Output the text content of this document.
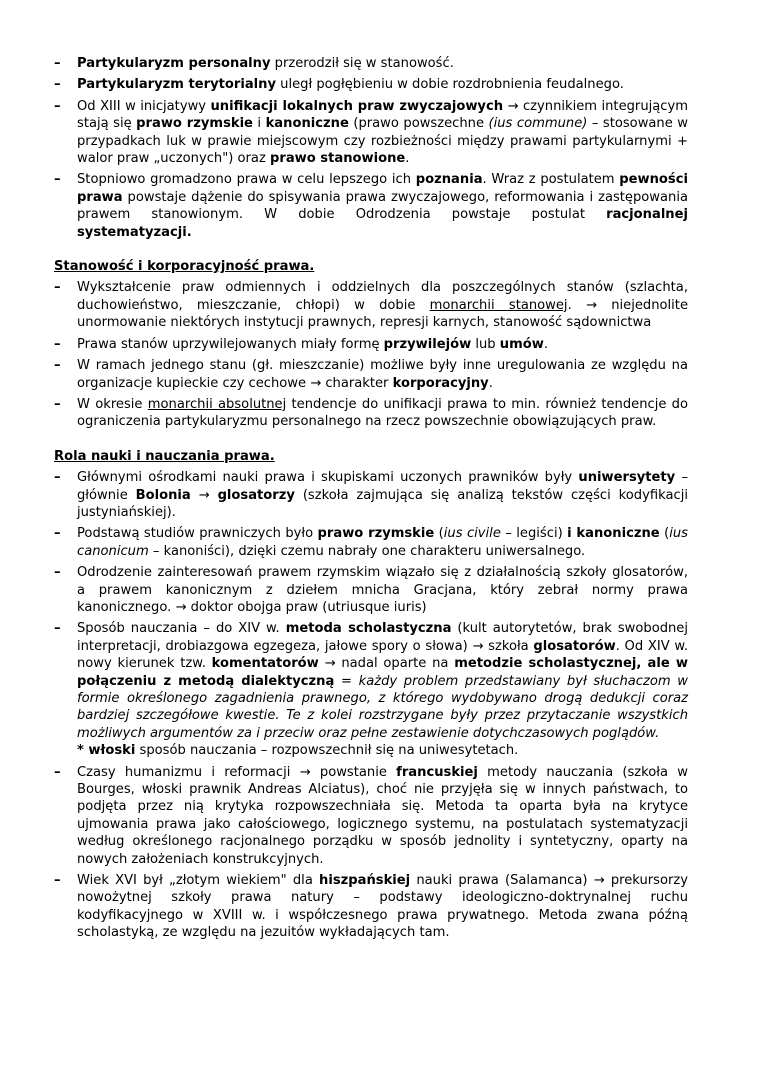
– Partykularyzm personalny przerodził się w stanowość.
– Partykularyzm terytorialny uległ pogłębieniu w dobie rozdrobnienia feudalnego.
– Od XIII w inicjatywy unifikacji lokalnych praw zwyczajowych → czynnikiem integrującym stają się prawo rzymskie i kanoniczne (prawo powszechne (ius commune) – stosowane w przypadkach luk w prawie miejscowym czy rozbieżności między prawami partykularnymi + walor praw „uczonych") oraz prawo stanowione.
– Stopniowo gromadzono prawa w celu lepszego ich poznania. Wraz z postulatem pewności prawa powstaje dążenie do spisywania prawa zwyczajowego, reformowania i zastępowania prawem stanowionym. W dobie Odrodzenia powstaje postulat racjonalnej systematyzacji.
Stanowość i korporacyjność prawa.
– Wykształcenie praw odmiennych i oddzielnych dla poszczególnych stanów (szlachta, duchowieństwo, mieszczanie, chłopi) w dobie monarchii stanowej. → niejednolite unormowanie niektórych instytucji prawnych, represji karnych, stanowość sądownictwa
– Prawa stanów uprzywilejowanych miały formę przywilejów lub umów.
– W ramach jednego stanu (gł. mieszczanie) możliwe były inne uregulowania ze względu na organizacje kupieckie czy cechowe → charakter korporacyjny.
– W okresie monarchii absolutnej tendencje do unifikacji prawa to min. również tendencje do ograniczenia partykularyzmu personalnego na rzecz powszechnie obowiązujących praw.
Rola nauki i nauczania prawa.
– Głównymi ośrodkami nauki prawa i skupiskami uczonych prawników były uniwersytety – głównie Bolonia → glosatorzy (szkoła zajmująca się analizą tekstów części kodyfikacji justyniańskiej).
– Podstawą studiów prawniczych było prawo rzymskie (ius civile – legiści) i kanoniczne (ius canonicum – kanoniści), dzięki czemu nabrały one charakteru uniwersalnego.
– Odrodzenie zainteresowań prawem rzymskim wiązało się z działalnością szkoły glosatorów, a prawem kanonicznym z dziełem mnicha Gracjana, który zebrał normy prawa kanonicznego. → doktor obojga praw (utriusque iuris)
– Sposób nauczania – do XIV w. metoda scholastyczna (kult autorytetów, brak swobodnej interpretacji, drobiazgowa egzegeza, jałowe spory o słowa) → szkoła glosatorów. Od XIV w. nowy kierunek tzw. komentatorów → nadal oparte na metodzie scholastycznej, ale w połączeniu z metodą dialektyczną = każdy problem przedstawiany był słuchaczom w formie określonego zagadnienia prawnego, z którego wydobywano drogą dedukcji coraz bardziej szczegółowe kwestie. Te z kolei rozstrzygane były przez przytaczanie wszystkich możliwych argumentów za i przeciw oraz pełne zestawienie dotychczasowych poglądów.
* włoski sposób nauczania – rozpowszechnił się na uniwesytetach.
– Czasy humanizmu i reformacji → powstanie francuskiej metody nauczania (szkoła w Bourges, włoski prawnik Andreas Alciatus), choć nie przyjęła się w innych państwach, to podjęta przez nią krytyka rozpowszechniała się. Metoda ta oparta była na krytyce ujmowania prawa jako całościowego, logicznego systemu, na postulatach systematyzacji według określonego racjonalnego porządku w sposób jednolity i syntetyczny, oparty na nowych założeniach konstrukcyjnych.
– Wiek XVI był „złotym wiekiem" dla hiszpańskiej nauki prawa (Salamanca) → prekursorzy nowożytnej szkoły prawa natury – podstawy ideologiczno-doktrynalnej ruchu kodyfikacyjnego w XVIII w. i współczesnego prawa prywatnego. Metoda zwana późną scholastyką, ze względu na jezuitów wykładających tam.
